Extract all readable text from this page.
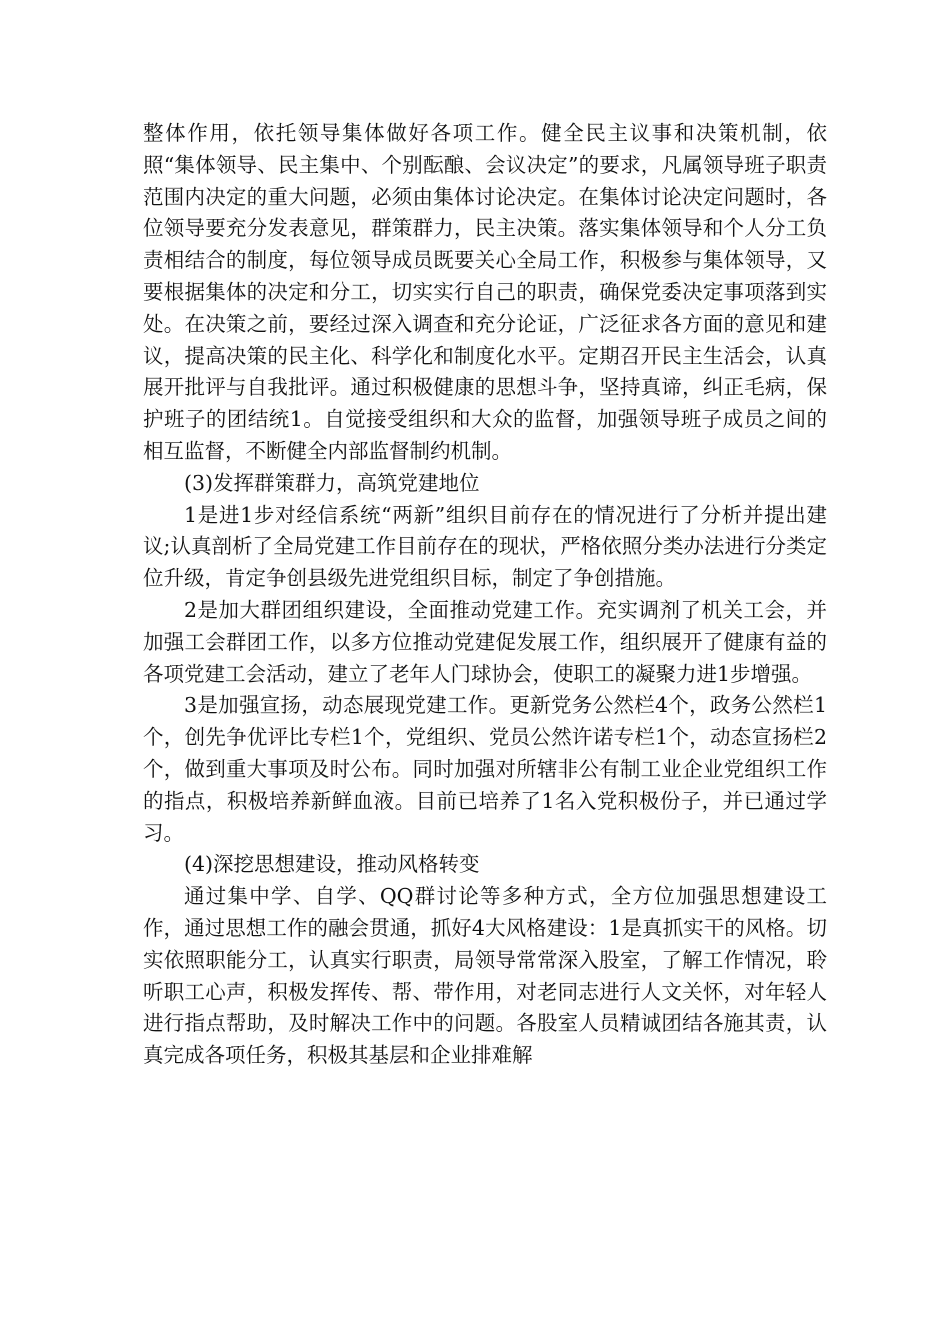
整体作用，依托领导集体做好各项工作。健全民主议事和决策机制，依照“集体领导、民主集中、个别酝酿、会议决定”的要求，凡属领导班子职责范围内决定的重大问题，必须由集体讨论决定。在集体讨论决定问题时，各位领导要充分发表意见，群策群力，民主决策。落实集体领导和个人分工负责相结合的制度，每位领导成员既要关心全局工作，积极参与集体领导，又要根据集体的决定和分工，切实实行自己的职责，确保党委决定事项落到实处。在决策之前，要经过深入调查和充分论证，广泛征求各方面的意见和建议，提高决策的民主化、科学化和制度化水平。定期召开民主生活会，认真展开批评与自我批评。通过积极健康的思想斗争，坚持真谛，纠正毛病，保护班子的团结统1。自觉接受组织和大众的监督，加强领导班子成员之间的相互监督，不断健全内部监督制约机制。

(3)发挥群策群力，高筑党建地位

1是进1步对经信系统“两新”组织目前存在的情况进行了分析并提出建议;认真剖析了全局党建工作目前存在的现状，严格依照分类办法进行分类定位升级，肯定争创县级先进党组织目标，制定了争创措施。

2是加大群团组织建设，全面推动党建工作。充实调剂了机关工会，并加强工会群团工作，以多方位推动党建促发展工作，组织展开了健康有益的各项党建工会活动，建立了老年人门球协会，使职工的凝聚力进1步增强。

3是加强宣扬，动态展现党建工作。更新党务公然栏4个，政务公然栏1个，创先争优评比专栏1个，党组织、党员公然许诺专栏1个，动态宣扬栏2个，做到重大事项及时公布。同时加强对所辖非公有制工业企业党组织工作的指点，积极培养新鲜血液。目前已培养了1名入党积极份子，并已通过学习。

(4)深挖思想建设，推动风格转变

通过集中学、自学、QQ群讨论等多种方式，全方位加强思想建设工作，通过思想工作的融会贯通，抓好4大风格建设：1是真抓实干的风格。切实依照职能分工，认真实行职责，局领导常常深入股室，了解工作情况，聆听职工心声，积极发挥传、帮、带作用，对老同志进行人文关怀，对年轻人进行指点帮助，及时解决工作中的问题。各股室人员精诚团结各施其责，认真完成各项任务，积极其基层和企业排难解
